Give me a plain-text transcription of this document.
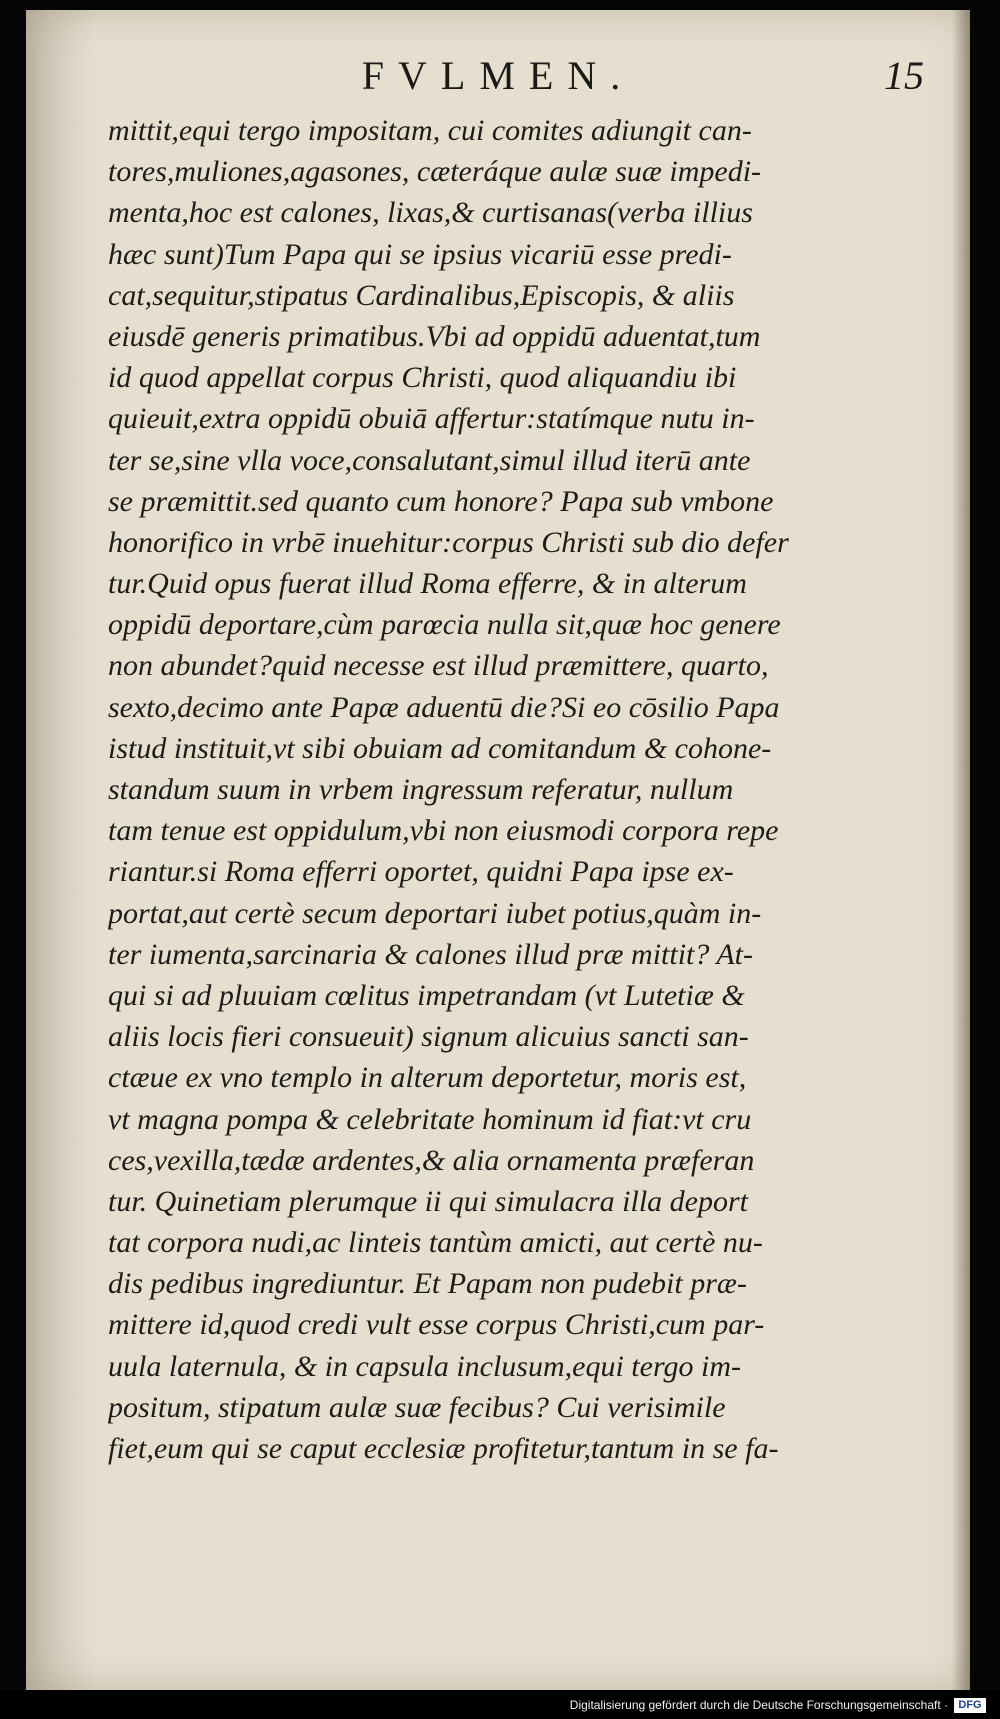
FVLMEN.	15
mittit,equi tergo impositam, cui comites adiungit can-
tores,muliones,agasones, cæteráque aulæ suæ impedi-
menta,hoc est calones, lixas,& curtisanas(verba illius
hæc sunt)Tum Papa qui se ipsius vicariū esse predi-
cat,sequitur,stipatus Cardinalibus,Episcopis, & aliis
eiusdē generis primatibus.Vbi ad oppidū aduentat,tum
id quod appellat corpus Christi, quod aliquandiu ibi
quieuit,extra oppidū obuiā affertur:statímque nutu in-
ter se,sine vlla voce,consalutant,simul illud iterū ante
se præmittit.sed quanto cum honore? Papa sub vmbone
honorifico in vrbē inuehitur:corpus Christi sub dio defer
tur.Quid opus fuerat illud Roma efferre, & in alterum
oppidū deportare,cùm parœcia nulla sit,quæ hoc genere
non abundet?quid necesse est illud præmittere, quarto,
sexto,decimo ante Papæ aduentū die?Si eo cōsilio Papa
istud instituit,vt sibi obuiam ad comitandum & cohone-
standum suum in vrbem ingressum referatur, nullum
tam tenue est oppidulum,vbi non eiusmodi corpora repe
riantur.si Roma efferri oportet, quidni Papa ipse ex-
portat,aut certè secum deportari iubet potius,quàm in-
ter iumenta,sarcinaria & calones illud præ mittit? At-
qui si ad pluuiam cœlitus impetrandam (vt Lutetiæ &
aliis locis fieri consueuit) signum alicuius sancti san-
ctæue ex vno templo in alterum deportetur, moris est,
vt magna pompa & celebritate hominum id fiat:vt cru
ces,vexilla,tædæ ardentes,& alia ornamenta præferan
tur. Quinetiam plerumque ii qui simulacra illa deport
tat corpora nudi,ac linteis tantùm amicti, aut certè nu-
dis pedibus ingrediuntur. Et Papam non pudebit præ-
mittere id,quod credi vult esse corpus Christi,cum par-
uula laternula, & in capsula inclusum,equi tergo im-
positum, stipatum aulæ suæ fecibus? Cui verisimile
fiet,eum qui se caput ecclesiæ profitetur,tantum in se fa-
Digitalisierung gefördert durch die Deutsche Forschungsgemeinschaft · DFG
